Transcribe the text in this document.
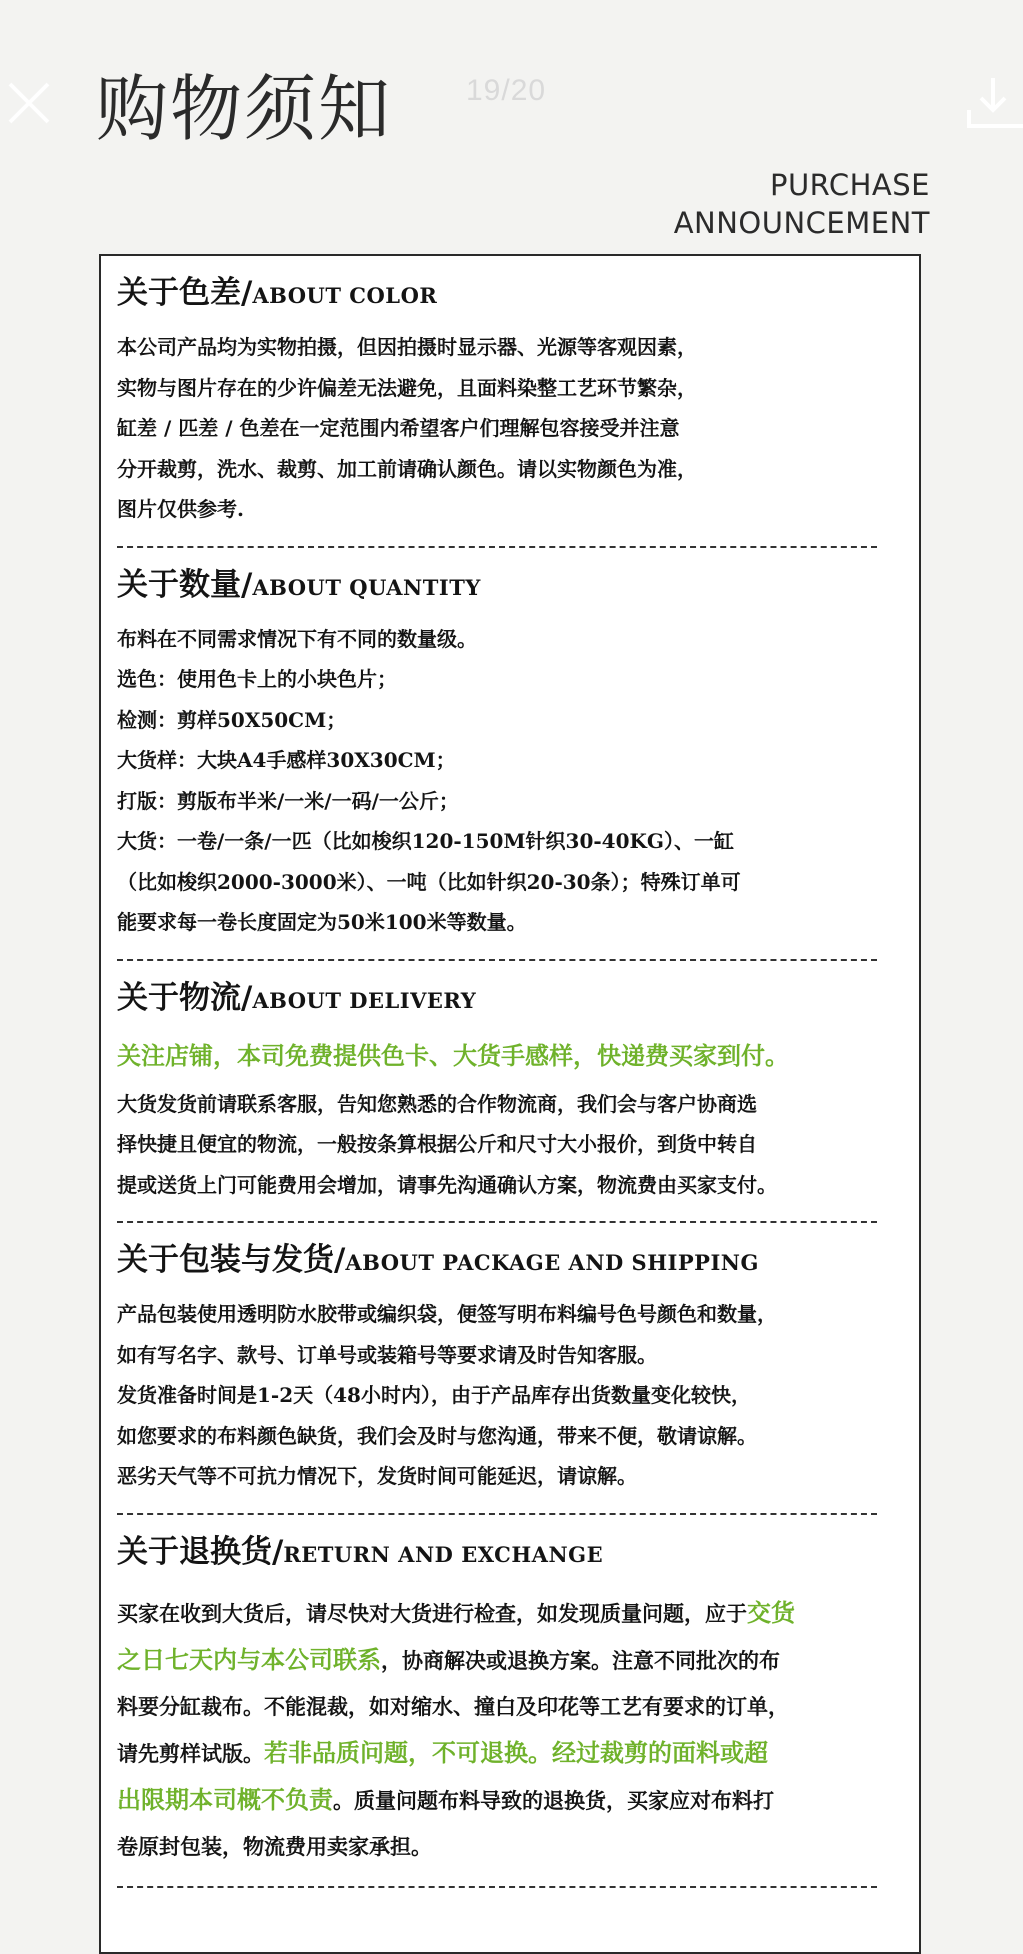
19/20
购物须知
PURCHASE
ANNOUNCEMENT
关于色差/ABOUT COLOR

本公司产品均为实物拍摄，但因拍摄时显示器、光源等客观因素，
实物与图片存在的少许偏差无法避免，且面料染整工艺环节繁杂，
缸差 / 匹差 / 色差在一定范围内希望客户们理解包容接受并注意
分开裁剪，洗水、裁剪、加工前请确认颜色。请以实物颜色为准，
图片仅供参考.

关于数量/ABOUT QUANTITY

布料在不同需求情况下有不同的数量级。
选色：使用色卡上的小块色片；
检测：剪样50X50CM；
大货样：大块A4手感样30X30CM；
打版：剪版布半米/一米/一码/一公斤；
大货：一卷/一条/一匹（比如梭织120-150M针织30-40KG）、一缸
（比如梭织2000-3000米）、一吨（比如针织20-30条）；特殊订单可
能要求每一卷长度固定为50米100米等数量。

关于物流/ABOUT DELIVERY

关注店铺，本司免费提供色卡、大货手感样，快递费买家到付。

大货发货前请联系客服，告知您熟悉的合作物流商，我们会与客户协商选
择快捷且便宜的物流，一般按条算根据公斤和尺寸大小报价，到货中转自
提或送货上门可能费用会增加，请事先沟通确认方案，物流费由买家支付。

关于包装与发货/ABOUT PACKAGE AND SHIPPING

产品包装使用透明防水胶带或编织袋，便签写明布料编号色号颜色和数量，
如有写名字、款号、订单号或装箱号等要求请及时告知客服。
发货准备时间是1-2天（48小时内），由于产品库存出货数量变化较快，
如您要求的布料颜色缺货，我们会及时与您沟通，带来不便，敬请谅解。
恶劣天气等不可抗力情况下，发货时间可能延迟，请谅解。

关于退换货/RETURN AND EXCHANGE

买家在收到大货后，请尽快对大货进行检查，如发现质量问题，应于交货
之日七天内与本公司联系，协商解决或退换方案。注意不同批次的布
料要分缸裁布。不能混裁，如对缩水、撞白及印花等工艺有要求的订单，
请先剪样试版。若非品质问题，不可退换。经过裁剪的面料或超
出限期本司概不负责。质量问题布料导致的退换货，买家应对布料打
卷原封包装，物流费用卖家承担。
